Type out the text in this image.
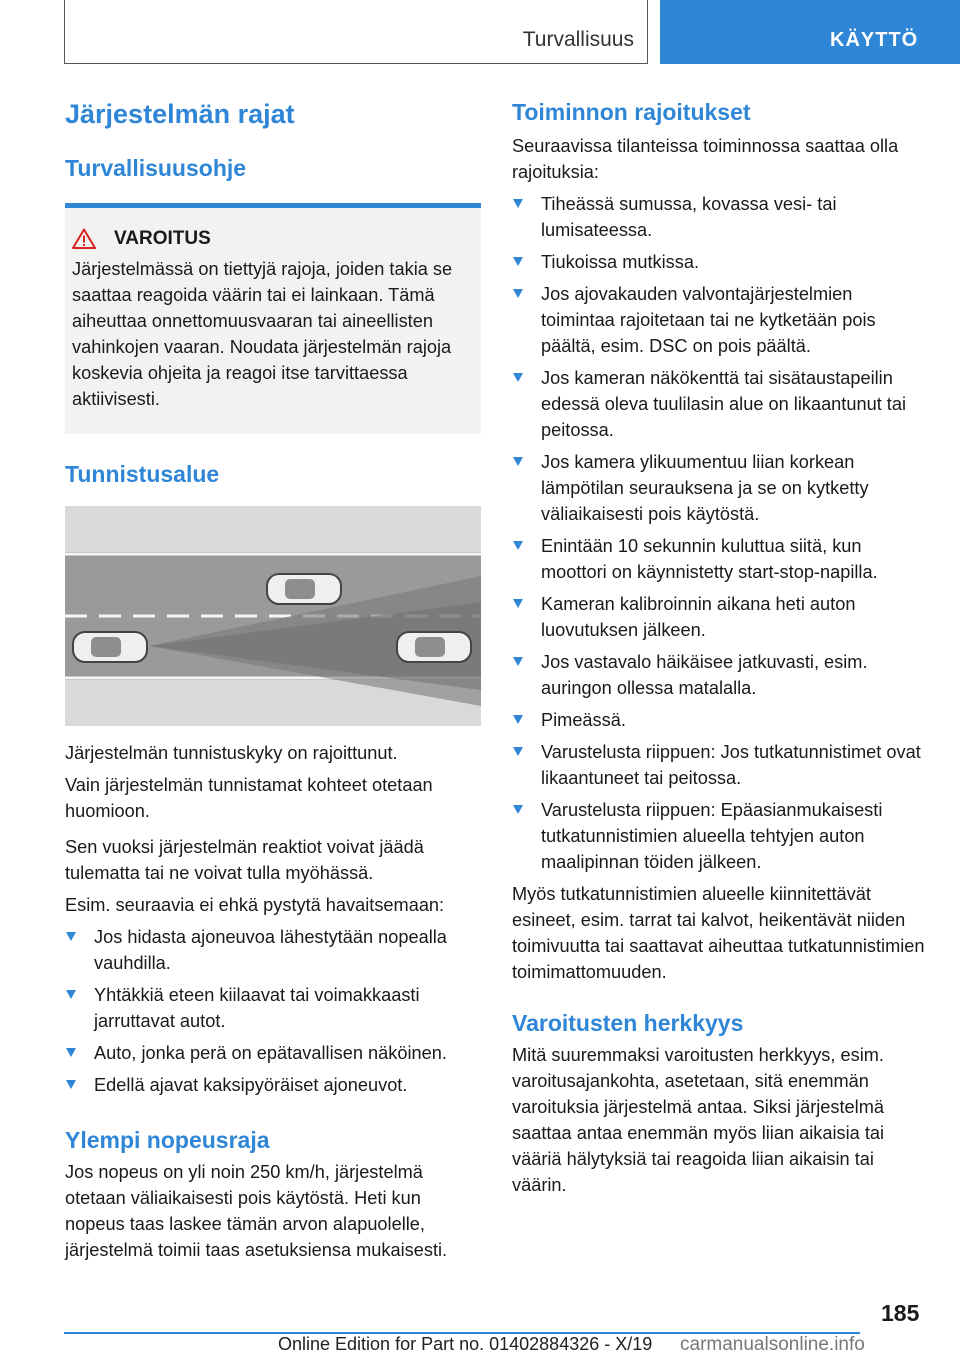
Turvallisuus	KÄYTTÖ
Järjestelmän rajat
Turvallisuusohje
VAROITUS

Järjestelmässä on tiettyjä rajoja, joiden takia se saattaa reagoida väärin tai ei lainkaan. Tämä aiheuttaa onnettomuusvaaran tai aineellisten vahinkojen vaaran. Noudata järjestelmän rajoja koskevia ohjeita ja reagoi itse tarvittaessa aktiivisesti.

Tunnistusalue

Järjestelmän tunnistuskyky on rajoittunut.

Vain järjestelmän tunnistamat kohteet otetaan huomioon.

Sen vuoksi järjestelmän reaktiot voivat jäädä tulematta tai ne voivat tulla myöhässä.

Esim. seuraavia ei ehkä pystytä havaitsemaan:

Jos hidasta ajoneuvoa lähestytään nopealla vauhdilla.
Yhtäkkiä eteen kiilaavat tai voimakkaasti jarruttavat autot.
Auto, jonka perä on epätavallisen näköinen.
Edellä ajavat kaksipyöräiset ajoneuvot.
Ylempi nopeusraja

Jos nopeus on yli noin 250 km/h, järjestelmä otetaan väliaikaisesti pois käytöstä. Heti kun nopeus taas laskee tämän arvon alapuolelle, järjestelmä toimii taas asetuksiensa mukaisesti.

Toiminnon rajoitukset

Seuraavissa tilanteissa toiminnossa saattaa olla rajoituksia:

Tiheässä sumussa, kovassa vesi- tai lumisateessa.
Tiukoissa mutkissa.
Jos ajovakauden valvontajärjestelmien toimintaa rajoitetaan tai ne kytketään pois päältä, esim. DSC on pois päältä.
Jos kameran näkökenttä tai sisätaustapeilin edessä oleva tuulilasin alue on likaantunut tai peitossa.
Jos kamera ylikuumentuu liian korkean lämpötilan seurauksena ja se on kytketty väliaikaisesti pois käytöstä.
Enintään 10 sekunnin kuluttua siitä, kun moottori on käynnistetty start-stop-napilla.
Kameran kalibroinnin aikana heti auton luovutuksen jälkeen.
Jos vastavalo häikäisee jatkuvasti, esim. auringon ollessa matalalla.
Pimeässä.
Varustelusta riippuen: Jos tutkatunnistimet ovat likaantuneet tai peitossa.
Varustelusta riippuen: Epäasianmukaisesti tutkatunnistimien alueella tehtyjen auton maalipinnan töiden jälkeen.

Myös tutkatunnistimien alueelle kiinnitettävät esineet, esim. tarrat tai kalvot, heikentävät niiden toimivuutta tai saattavat aiheuttaa tutkatunnistimien toimimattomuuden.

Varoitusten herkkyys

Mitä suuremmaksi varoitusten herkkyys, esim. varoitusajankohta, asetetaan, sitä enemmän varoituksia järjestelmä antaa. Siksi järjestelmä saattaa antaa enemmän myös liian aikaisia tai vääriä hälytyksiä tai reagoida liian aikaisin tai väärin.

185
Online Edition for Part no. 01402884326 - X/19 carmanualsonline.info
